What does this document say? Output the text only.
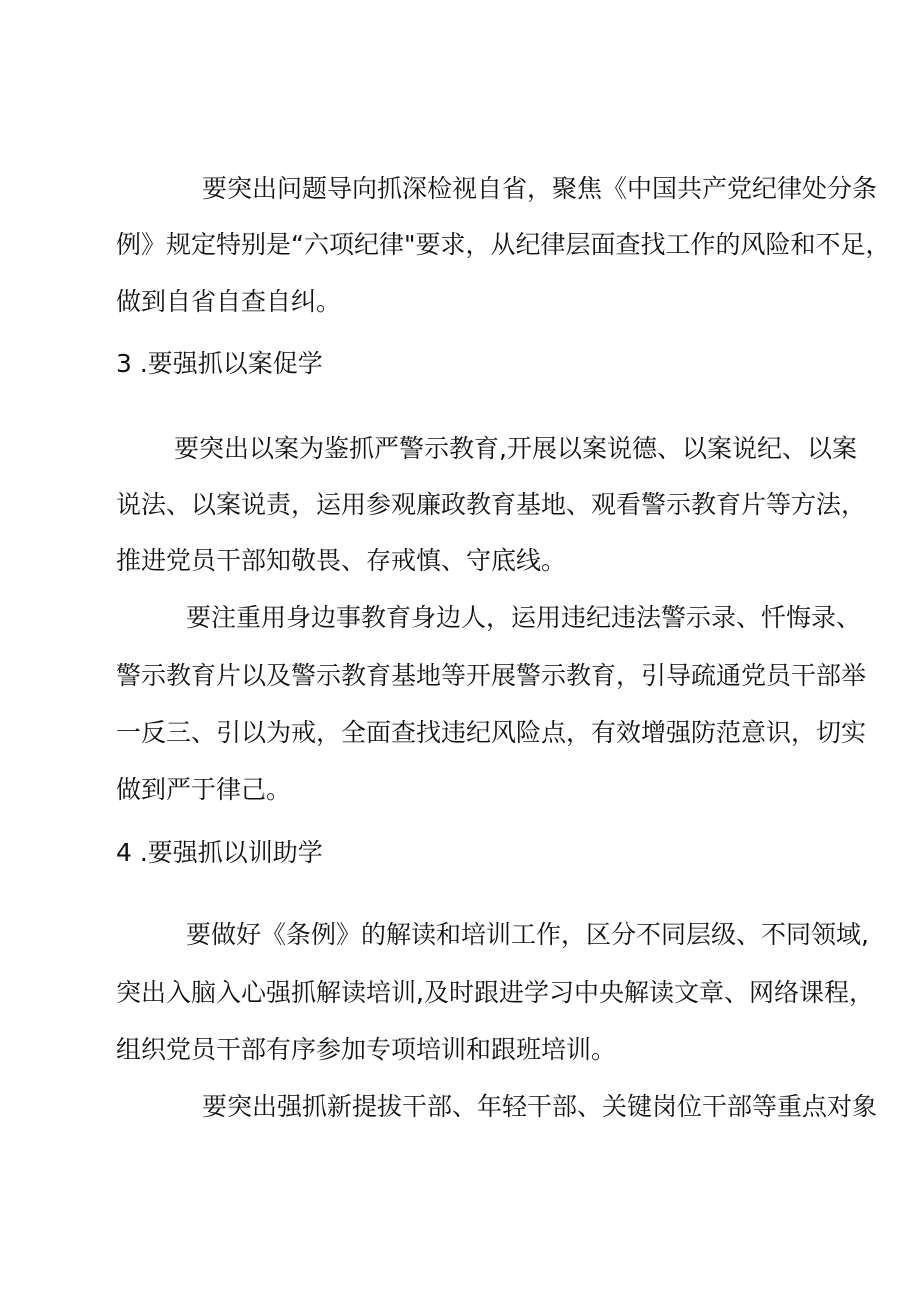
要突出问题导向抓深检视自省，聚焦《中国共产党纪律处分条
例》规定特别是“六项纪律"要求，从纪律层面查找工作的风险和不足，
做到自省自查自纠。
3 .要强抓以案促学
要突出以案为鉴抓严警示教育,开展以案说德、以案说纪、以案
说法、以案说责，运用参观廉政教育基地、观看警示教育片等方法，
推进党员干部知敬畏、存戒慎、守底线。
要注重用身边事教育身边人，运用违纪违法警示录、忏悔录、
警示教育片以及警示教育基地等开展警示教育，引导疏通党员干部举
一反三、引以为戒，全面查找违纪风险点，有效增强防范意识，切实
做到严于律己。
4 .要强抓以训助学
要做好《条例》的解读和培训工作，区分不同层级、不同领域,
突出入脑入心强抓解读培训,及时跟进学习中央解读文章、网络课程，
组织党员干部有序参加专项培训和跟班培训。
要突出强抓新提拔干部、年轻干部、关键岗位干部等重点对象
